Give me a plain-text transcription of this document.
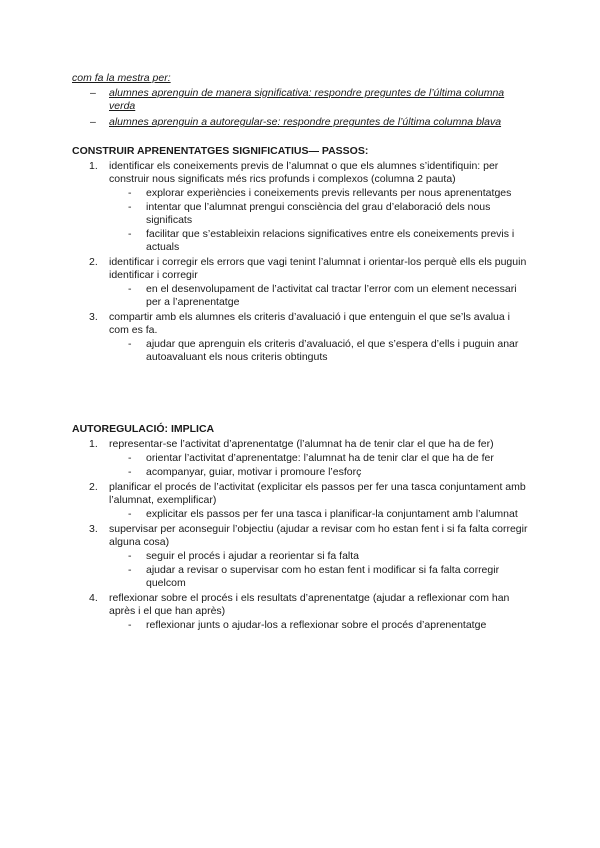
com fa la mestra per:
– alumnes aprenguin de manera significativa: respondre preguntes de l’última columna verda
– alumnes aprenguin a autoregular-se: respondre preguntes de l’última columna blava
CONSTRUIR APRENENTATGES SIGNIFICATIUS— PASSOS:
1. identificar els coneixements previs de l’alumnat o que els alumnes s’identifiquin: per construir nous significats més rics profunds i complexos (columna 2 pauta)
- explorar experiències i coneixements previs rellevants per nous aprenentatges
- intentar que l’alumnat prengui consciència del grau d’elaboració dels nous significats
- facilitar que s’estableixin relacions significatives entre els coneixements previs i actuals
2. identificar i corregir els errors que vagi tenint l’alumnat i orientar-los perquè ells els puguin identificar i corregir
- en el desenvolupament de l’activitat cal tractar l’error com un element necessari per a l’aprenentatge
3. compartir amb els alumnes els criteris d’avaluació i que entenguin el que se’ls avalua i com es fa.
- ajudar que aprenguin els criteris d’avaluació, el que s’espera d’ells i puguin anar autoavaluant els nous criteris obtinguts
AUTOREGULACIÓ: IMPLICA
1. representar-se l’activitat d’aprenentatge (l’alumnat ha de tenir clar el que ha de fer)
- orientar l’activitat d’aprenentatge: l’alumnat ha de tenir clar el que ha de fer
- acompanyar, guiar, motivar i promoure l’esforç
2. planificar el procés de l’activitat (explicitar els passos per fer una tasca conjuntament amb l’alumnat, exemplificar)
- explicitar els passos per fer una tasca i planificar-la conjuntament amb l’alumnat
3. supervisar per aconseguir l’objectiu (ajudar a revisar com ho estan fent i si fa falta corregir alguna cosa)
- seguir el procés i ajudar a reorientar si fa falta
- ajudar a revisar o supervisar com ho estan fent i modificar si fa falta corregir quelcom
4. reflexionar sobre el procés i els resultats d’aprenentatge (ajudar a reflexionar com han après i el que han après)
- reflexionar junts o ajudar-los a reflexionar sobre el procés d’aprenentatge
